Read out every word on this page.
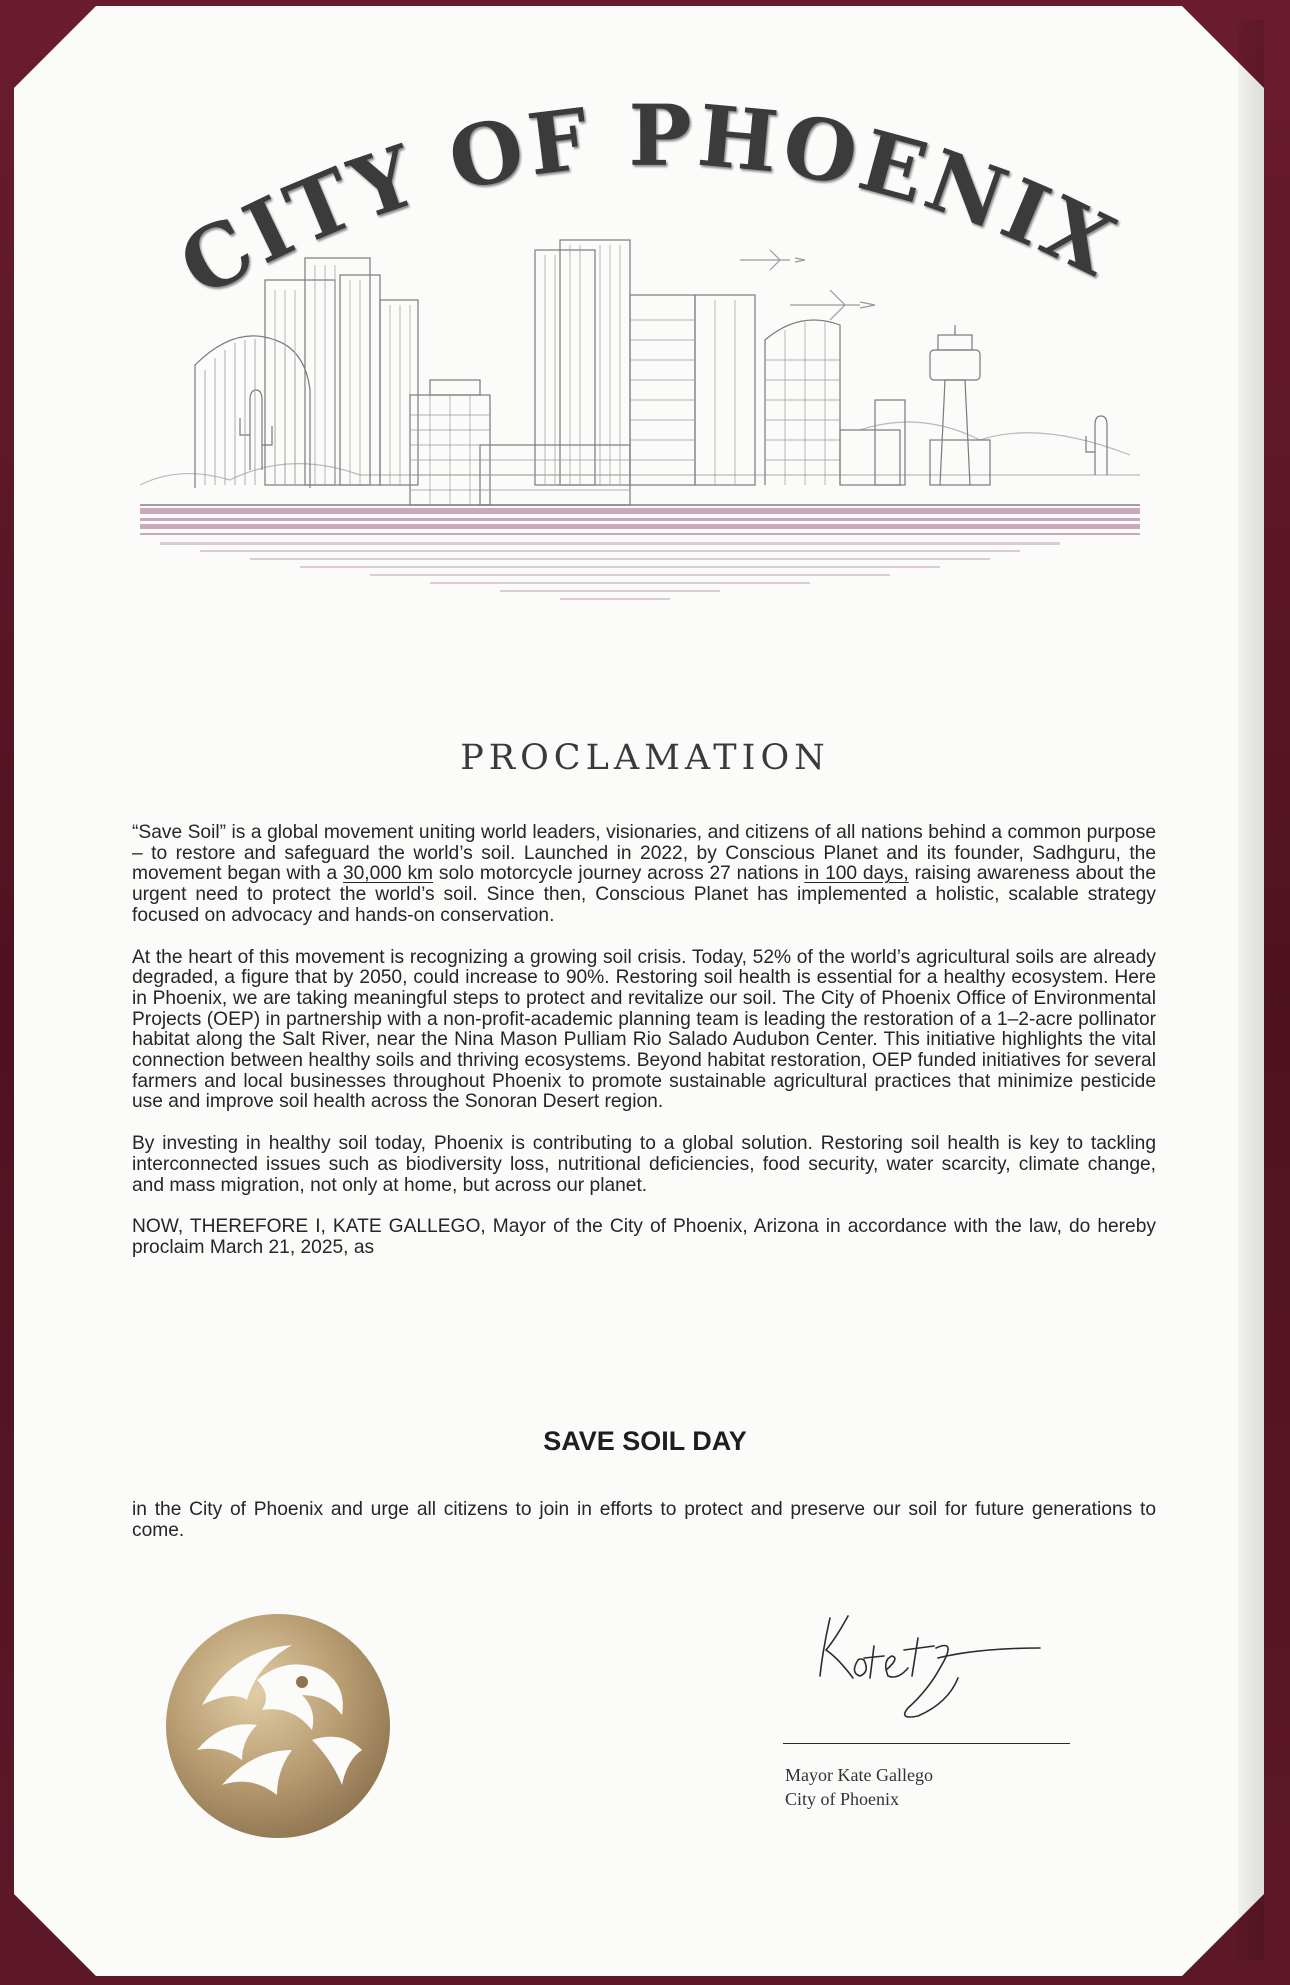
CITY OF PHOENIX
PROCLAMATION

“Save Soil” is a global movement uniting world leaders, visionaries, and citizens of all nations behind a common purpose – to restore and safeguard the world’s soil. Launched in 2022, by Conscious Planet and its founder, Sadhguru, the movement began with a 30,000 km solo motorcycle journey across 27 nations in 100 days, raising awareness about the urgent need to protect the world’s soil. Since then, Conscious Planet has implemented a holistic, scalable strategy focused on advocacy and hands-on conservation.

At the heart of this movement is recognizing a growing soil crisis. Today, 52% of the world’s agricultural soils are already degraded, a figure that by 2050, could increase to 90%. Restoring soil health is essential for a healthy ecosystem. Here in Phoenix, we are taking meaningful steps to protect and revitalize our soil. The City of Phoenix Office of Environmental Projects (OEP) in partnership with a non-profit-academic planning team is leading the restoration of a 1–2-acre pollinator habitat along the Salt River, near the Nina Mason Pulliam Rio Salado Audubon Center. This initiative highlights the vital connection between healthy soils and thriving ecosystems. Beyond habitat restoration, OEP funded initiatives for several farmers and local businesses throughout Phoenix to promote sustainable agricultural practices that minimize pesticide use and improve soil health across the Sonoran Desert region.

By investing in healthy soil today, Phoenix is contributing to a global solution. Restoring soil health is key to tackling interconnected issues such as biodiversity loss, nutritional deficiencies, food security, water scarcity, climate change, and mass migration, not only at home, but across our planet.

NOW, THEREFORE I, KATE GALLEGO, Mayor of the City of Phoenix, Arizona in accordance with the law, do hereby proclaim March 21, 2025, as

SAVE SOIL DAY
in the City of Phoenix and urge all citizens to join in efforts to protect and preserve our soil for future generations to come.
Mayor Kate Gallego
City of Phoenix
